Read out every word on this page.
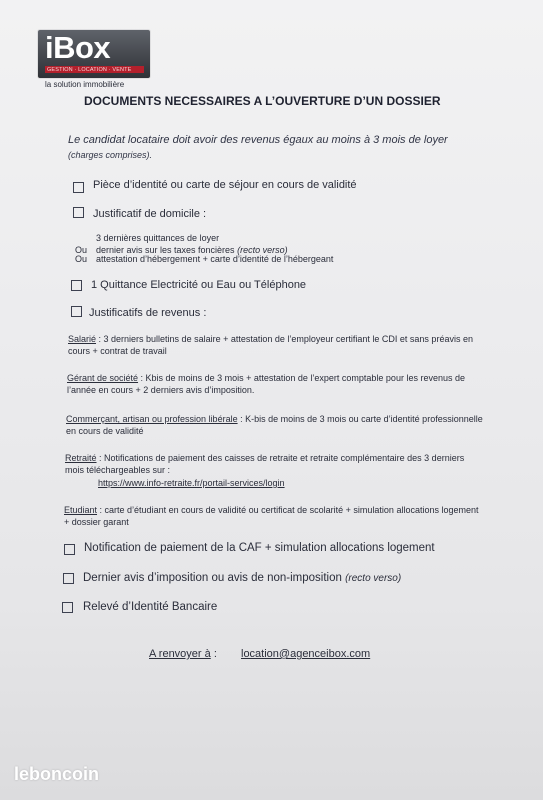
iBox
GESTION · LOCATION · VENTE
la solution immobilière
DOCUMENTS NECESSAIRES A L’OUVERTURE D’UN DOSSIER
Le candidat locataire doit avoir des revenus égaux au moins à 3 mois de loyer (charges comprises).
Pièce d’identité ou carte de séjour en cours de validité
Justificatif de domicile :
3 dernières quittances de loyer
Ou dernier avis sur les taxes foncières (recto verso)
Ou attestation d’hébergement + carte d’identité de l’hébergeant
1 Quittance Electricité ou Eau ou Téléphone
Justificatifs de revenus :
Salarié : 3 derniers bulletins de salaire + attestation de l’employeur certifiant le CDI et sans préavis en cours + contrat de travail
Gérant de société : Kbis de moins de 3 mois + attestation de l’expert comptable pour les revenus de l’année en cours + 2 derniers avis d’imposition.
Commerçant, artisan ou profession libérale : K-bis de moins de 3 mois ou carte d’identité professionnelle en cours de validité
Retraité : Notifications de paiement des caisses de retraite et retraite complémentaire des 3 derniers mois téléchargeables sur :
https://www.info-retraite.fr/portail-services/login
Etudiant : carte d’étudiant en cours de validité ou certificat de scolarité + simulation allocations logement + dossier garant
Notification de paiement de la CAF + simulation allocations logement
Dernier avis d’imposition ou avis de non-imposition (recto verso)
Relevé d’Identité Bancaire
A renvoyer à : location@agenceibox.com
leboncoin
